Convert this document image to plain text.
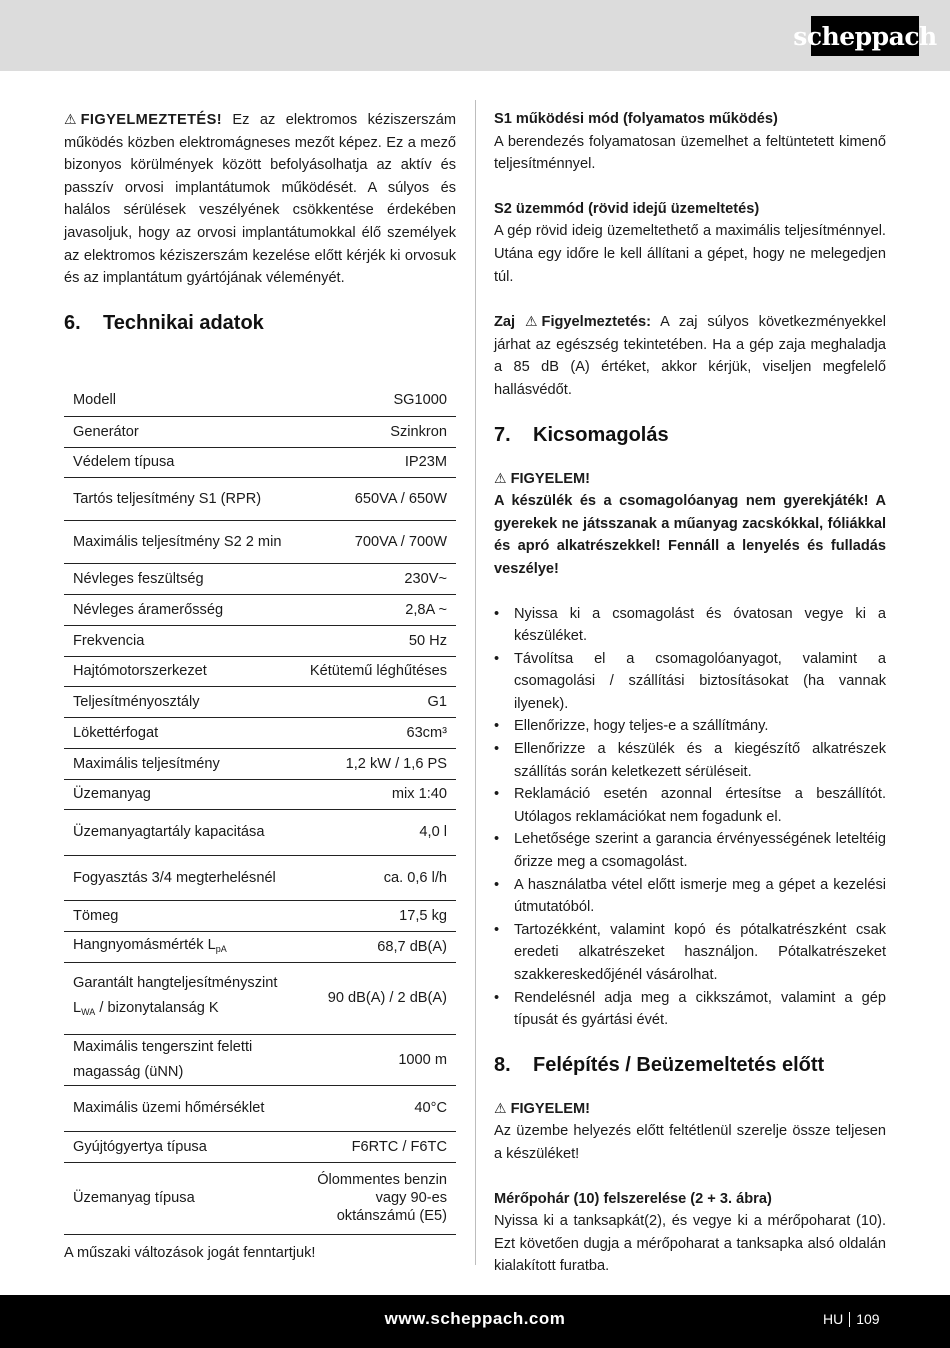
scheppach

⚠ FIGYELMEZTETÉS! Ez az elektromos kéziszerszám működés közben elektromágneses mezőt képez. Ez a mező bizonyos körülmények között befolyásolhatja az aktív és passzív orvosi implantátumok működését. A súlyos és halálos sérülések veszélyének csökkentése érdekében javasoljuk, hogy az orvosi implantátumokkal élő személyek az elektromos kéziszerszám kezelése előtt kérjék ki orvosuk és az implantátum gyártójának véleményét.

6.	Technikai adatok
Modell	SG1000
Generátor	Szinkron
Védelem típusa	IP23M
Tartós teljesítmény S1 (RPR)	650VA / 650W
Maximális teljesítmény S2 2 min	700VA / 700W
Névleges feszültség	230V~
Névleges áramerősség	2,8A ~
Frekvencia	50 Hz
Hajtómotorszerkezet	Kétütemű léghűtéses
Teljesítményosztály	G1
Lökettérfogat	63cm³
Maximális teljesítmény	1,2 kW / 1,6 PS
Üzemanyag	mix 1:40
Üzemanyagtartály kapacitása	4,0 l
Fogyasztás 3/4 megterhelésnél	ca. 0,6 l/h
Tömeg	17,5 kg
Hangnyomásmérték $L_{pA}$	68,7 dB(A)
Garantált hangteljesítményszint $L_{WA}$ / bizonytalanság K	90 dB(A) / 2 dB(A)
Maximális tengerszint feletti magasság (üNN)	1000 m
Maximális üzemi hőmérséklet	40°C
Gyújtógyertya típusa	F6RTC / F6TC
Üzemanyag típusa	Ólommentes benzin vagy 90-es oktánszámú (E5)

A műszaki változások jogát fenntartjuk!

S1 működési mód (folyamatos működés)

A berendezés folyamatosan üzemelhet a feltüntetett kimenő teljesítménnyel.

S2 üzemmód (rövid idejű üzemeltetés)

A gép rövid ideig üzemeltethető a maximális teljesítménnyel. Utána egy időre le kell állítani a gépet, hogy ne melegedjen túl.

Zaj ⚠ Figyelmeztetés: A zaj súlyos következményekkel járhat az egészség tekintetében. Ha a gép zaja meghaladja a 85 dB (A) értéket, akkor kérjük, viseljen megfelelő hallásvédőt.

7.	Kicsomagolás

⚠ FIGYELEM!

A készülék és a csomagolóanyag nem gyerekjáték! A gyerekek ne játsszanak a műanyag zacskókkal, fóliákkal és apró alkatrészekkel! Fennáll a lenyelés és fulladás veszélye!

• Nyissa ki a csomagolást és óvatosan vegye ki a készüléket.
• Távolítsa el a csomagolóanyagot, valamint a csomagolási / szállítási biztosításokat (ha vannak ilyenek).
• Ellenőrizze, hogy teljes-e a szállítmány.
• Ellenőrizze a készülék és a kiegészítő alkatrészek szállítás során keletkezett sérüléseit.
• Reklamáció esetén azonnal értesítse a beszállítót. Utólagos reklamációkat nem fogadunk el.
• Lehetősége szerint a garancia érvényességének leteltéig őrizze meg a csomagolást.
• A használatba vétel előtt ismerje meg a gépet a kezelési útmutatóból.
• Tartozékként, valamint kopó és pótalkatrészként csak eredeti alkatrészeket használjon. Pótalkatrészeket szakkereskedőjénél vásárolhat.
• Rendelésnél adja meg a cikkszámot, valamint a gép típusát és gyártási évét.
8.	Felépítés / Beüzemeltetés előtt

⚠ FIGYELEM!

Az üzembe helyezés előtt feltétlenül szerelje össze teljesen a készüléket!

Mérőpohár (10) felszerelése (2 + 3. ábra)

Nyissa ki a tanksapkát(2), és vegye ki a mérőpoharat (10). Ezt követően dugja a mérőpoharat a tanksapka alsó oldalán kialakított furatba.

www.scheppach.com	HU 109
